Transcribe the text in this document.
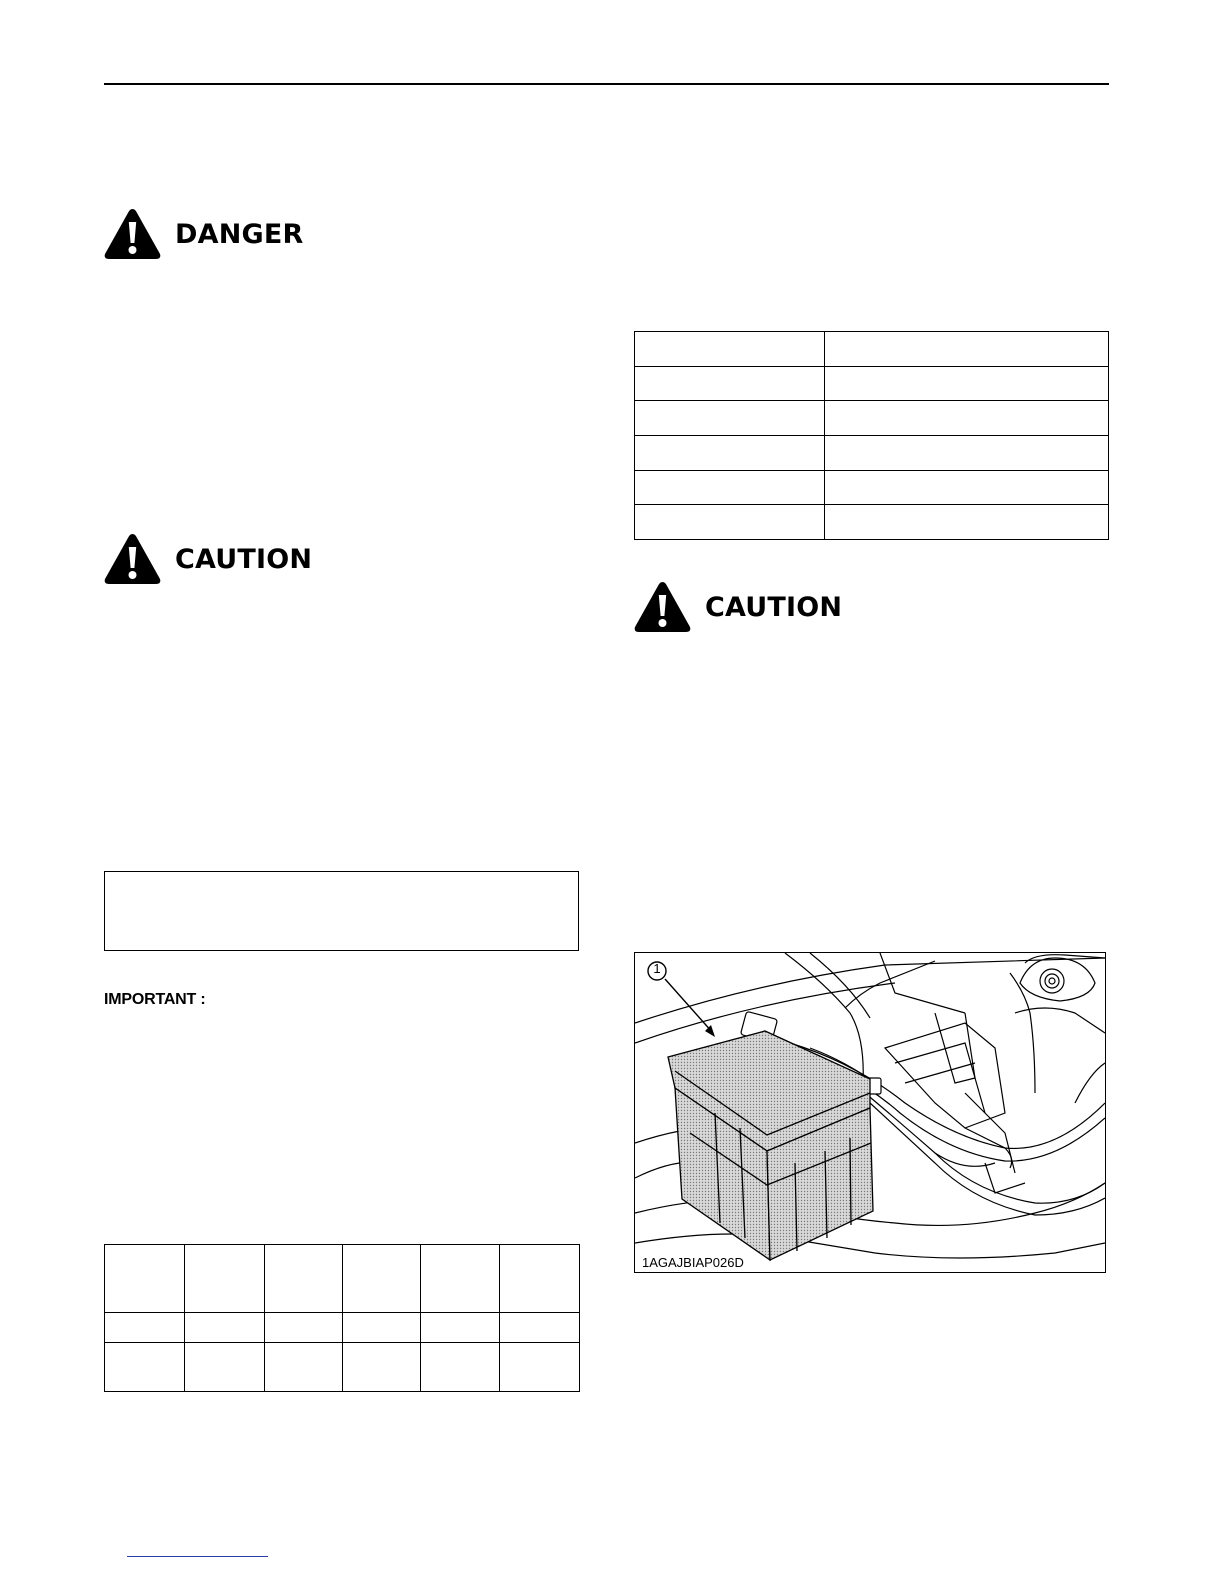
DANGER
CAUTION
IMPORTANT :

CAUTION
1
1AGAJBIAP026D
